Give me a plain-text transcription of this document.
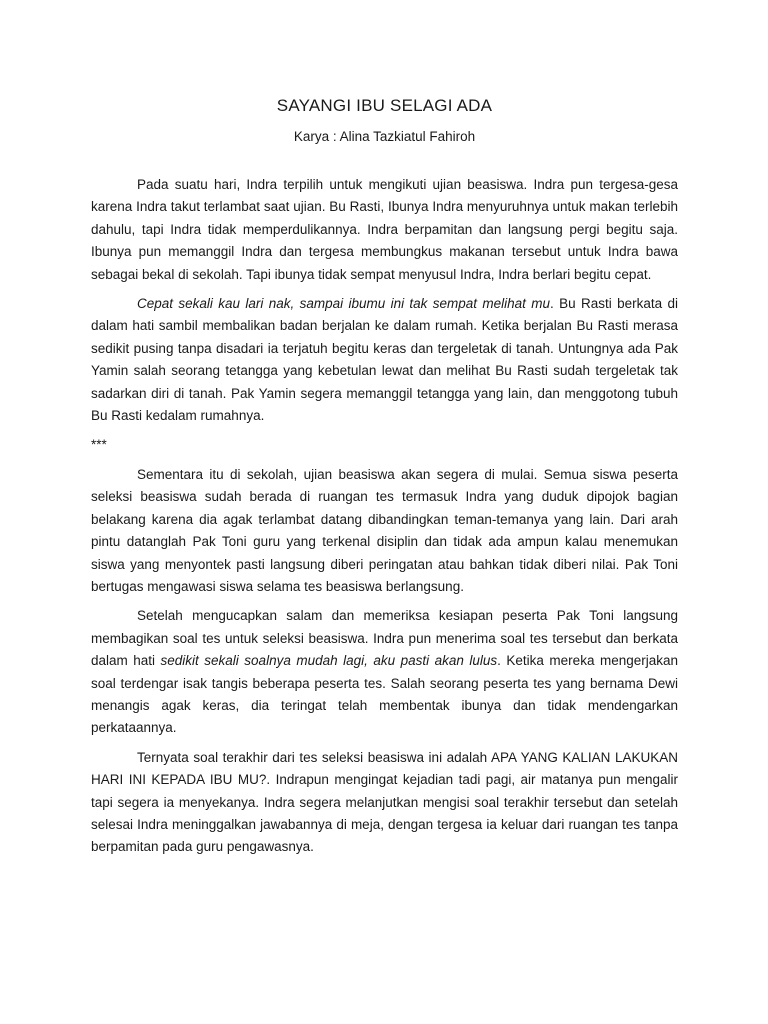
SAYANGI IBU SELAGI ADA
Karya : Alina Tazkiatul Fahiroh

Pada suatu hari, Indra terpilih untuk mengikuti ujian beasiswa. Indra pun tergesa-gesa karena Indra takut terlambat saat ujian. Bu Rasti, Ibunya Indra menyuruhnya untuk makan terlebih dahulu, tapi Indra tidak memperdulikannya. Indra berpamitan dan langsung pergi begitu saja. Ibunya pun memanggil Indra dan tergesa membungkus makanan tersebut untuk Indra bawa sebagai bekal di sekolah. Tapi ibunya tidak sempat menyusul Indra, Indra berlari begitu cepat.

Cepat sekali kau lari nak, sampai ibumu ini tak sempat melihat mu. Bu Rasti berkata di dalam hati sambil membalikan badan berjalan ke dalam rumah. Ketika berjalan Bu Rasti merasa sedikit pusing tanpa disadari ia terjatuh begitu keras dan tergeletak di tanah. Untungnya ada Pak Yamin salah seorang tetangga yang kebetulan lewat dan melihat Bu Rasti sudah tergeletak tak sadarkan diri di tanah. Pak Yamin segera memanggil tetangga yang lain, dan menggotong tubuh Bu Rasti kedalam rumahnya.

***

Sementara itu di sekolah, ujian beasiswa akan segera di mulai. Semua siswa peserta seleksi beasiswa sudah berada di ruangan tes termasuk Indra yang duduk dipojok bagian belakang karena dia agak terlambat datang dibandingkan teman-temanya yang lain. Dari arah pintu datanglah Pak Toni guru yang terkenal disiplin dan tidak ada ampun kalau menemukan siswa yang menyontek pasti langsung diberi peringatan atau bahkan tidak diberi nilai. Pak Toni bertugas mengawasi siswa selama tes beasiswa berlangsung.

Setelah mengucapkan salam dan memeriksa kesiapan peserta Pak Toni langsung membagikan soal tes untuk seleksi beasiswa. Indra pun menerima soal tes tersebut dan berkata dalam hati sedikit sekali soalnya mudah lagi, aku pasti akan lulus. Ketika mereka mengerjakan soal terdengar isak tangis beberapa peserta tes. Salah seorang peserta tes yang bernama Dewi menangis agak keras, dia teringat telah membentak ibunya dan tidak mendengarkan perkataannya.

Ternyata soal terakhir dari tes seleksi beasiswa ini adalah APA YANG KALIAN LAKUKAN HARI INI KEPADA IBU MU?. Indrapun mengingat kejadian tadi pagi, air matanya pun mengalir tapi segera ia menyekanya. Indra segera melanjutkan mengisi soal terakhir tersebut dan setelah selesai Indra meninggalkan jawabannya di meja, dengan tergesa ia keluar dari ruangan tes tanpa berpamitan pada guru pengawasnya.
